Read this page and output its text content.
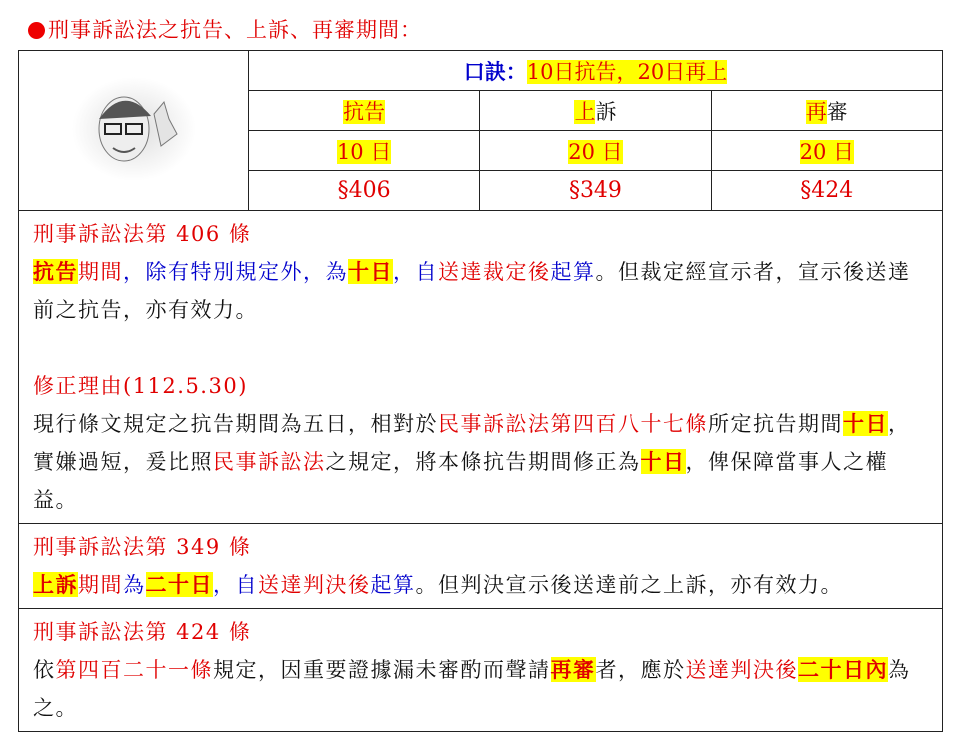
刑事訴訟法之抗告、上訴、再審期間：
	口訣：10日抗告，20日再上		
	抗告	上訴	再審
	10 日	20 日	20 日
	§406	§349	§424

刑事訴訟法第 406 條
抗告期間，除有特別規定外，為十日，自送達裁定後起算。但裁定經宣示者，宣示後送達前之抗告，亦有效力。
修正理由(112.5.30)
現行條文規定之抗告期間為五日，相對於民事訴訟法第四百八十七條所定抗告期間十日，實嫌過短，爰比照民事訴訟法之規定，將本條抗告期間修正為十日，俾保障當事人之權益。			

刑事訴訟法第 349 條
上訴期間為二十日，自送達判決後起算。但判決宣示後送達前之上訴，亦有效力。			

刑事訴訟法第 424 條
依第四百二十一條規定，因重要證據漏未審酌而聲請再審者，應於送達判決後二十日內為之。			
